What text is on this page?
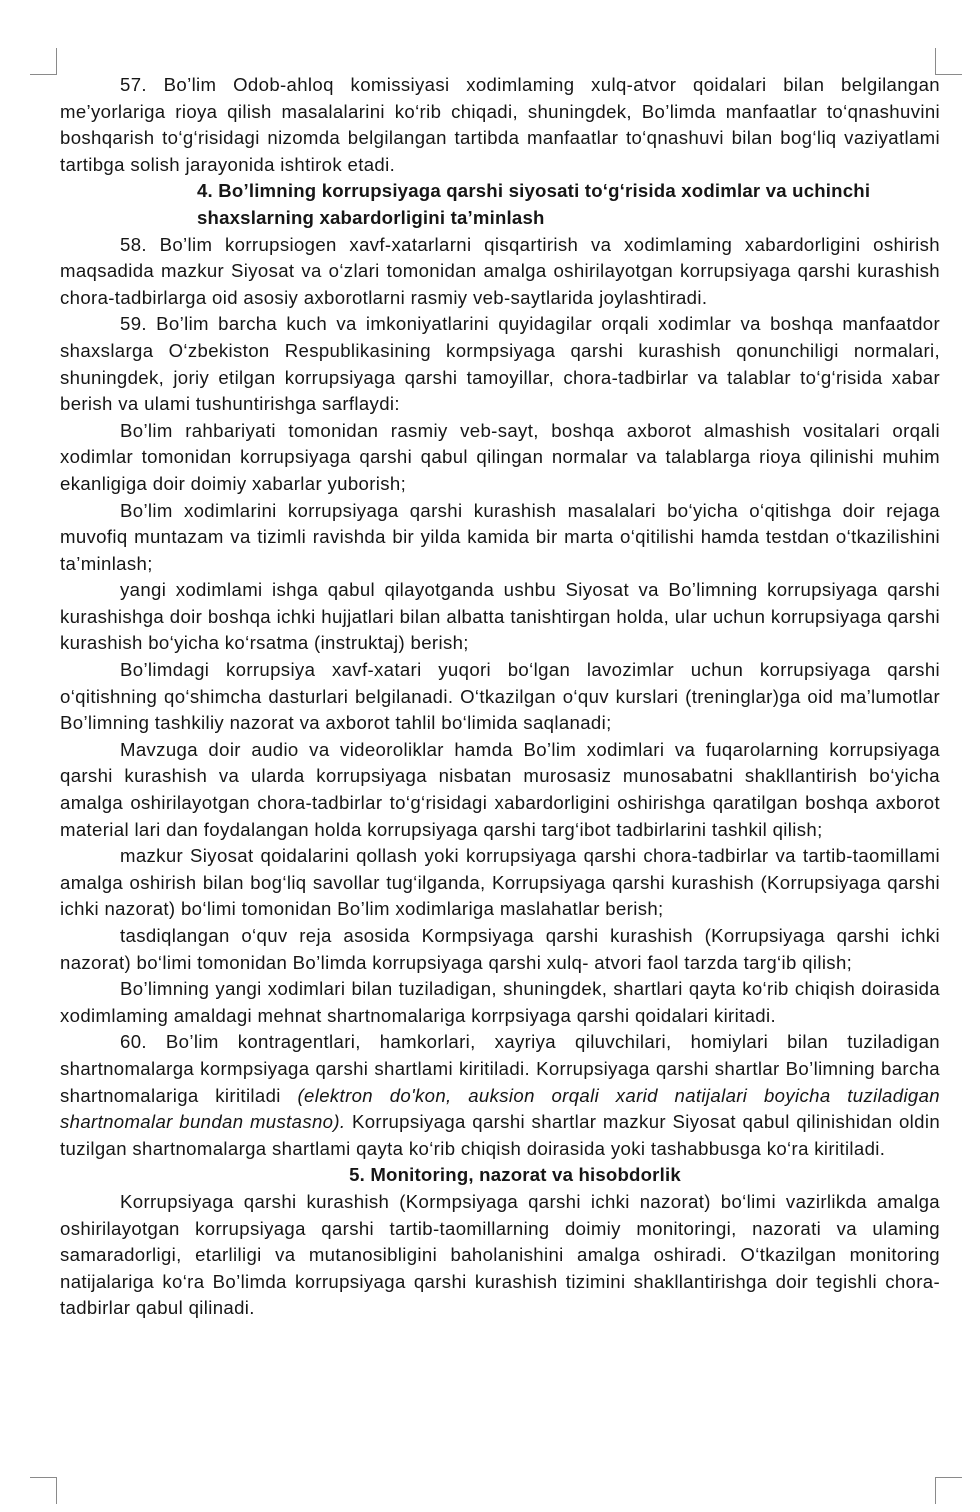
57. Bo’lim Odob-ahloq komissiyasi xodimlaming xulq-atvor qoidalari bilan belgilangan me’yorlariga rioya qilish masalalarini ko‘rib chiqadi, shuningdek, Bo’limda manfaatlar to‘qnashuvini boshqarish to‘g‘risidagi nizomda belgilangan tartibda manfaatlar to‘qnashuvi bilan bog‘liq vaziyatlami tartibga solish jarayonida ishtirok etadi.

4. Bo’limning korrupsiyaga qarshi siyosati to‘g‘risida xodimlar va uchinchi shaxslarning xabardorligini ta’minlash

58. Bo’lim korrupsiogen xavf-xatarlarni qisqartirish va xodimlaming xabardorligini oshirish maqsadida mazkur Siyosat va o‘zlari tomonidan amalga oshirilayotgan korrupsiyaga qarshi kurashish chora-tadbirlarga oid asosiy axborotlarni rasmiy veb-saytlarida joylashtiradi.

59. Bo’lim barcha kuch va imkoniyatlarini quyidagilar orqali xodimlar va boshqa manfaatdor shaxslarga O‘zbekiston Respublikasining kormpsiyaga qarshi kurashish qonunchiligi normalari, shuningdek, joriy etilgan korrupsiyaga qarshi tamoyillar, chora-tadbirlar va talablar to‘g‘risida xabar berish va ulami tushuntirishga sarflaydi:

Bo’lim rahbariyati tomonidan rasmiy veb-sayt, boshqa axborot almashish vositalari orqali xodimlar tomonidan korrupsiyaga qarshi qabul qilingan normalar va talablarga rioya qilinishi muhim ekanligiga doir doimiy xabarlar yuborish;

Bo’lim xodimlarini korrupsiyaga qarshi kurashish masalalari bo‘yicha o‘qitishga doir rejaga muvofiq muntazam va tizimli ravishda bir yilda kamida bir marta o‘qitilishi hamda testdan o‘tkazilishini ta’minlash;

yangi xodimlami ishga qabul qilayotganda ushbu Siyosat va Bo’limning korrupsiyaga qarshi kurashishga doir boshqa ichki hujjatlari bilan albatta tanishtirgan holda, ular uchun korrupsiyaga qarshi kurashish bo‘yicha ko‘rsatma (instruktaj) berish;

Bo’limdagi korrupsiya xavf-xatari yuqori bo‘lgan lavozimlar uchun korrupsiyaga qarshi o‘qitishning qo‘shimcha dasturlari belgilanadi. O‘tkazilgan o‘quv kurslari (treninglar)ga oid ma’lumotlar Bo’limning tashkiliy nazorat va axborot tahlil bo‘limida saqlanadi;

Mavzuga doir audio va videoroliklar hamda Bo’lim xodimlari va fuqarolarning korrupsiyaga qarshi kurashish va ularda korrupsiyaga nisbatan murosasiz munosabatni shakllantirish bo‘yicha amalga oshirilayotgan chora-tadbirlar to‘g‘risidagi xabardorligini oshirishga qaratilgan boshqa axborot material lari dan foydalangan holda korrupsiyaga qarshi targ‘ibot tadbirlarini tashkil qilish;

mazkur Siyosat qoidalarini qollash yoki korrupsiyaga qarshi chora-tadbirlar va tartib-taomillami amalga oshirish bilan bog‘liq savollar tug‘ilganda, Korrupsiyaga qarshi kurashish (Korrupsiyaga qarshi ichki nazorat) bo‘limi tomonidan Bo’lim xodimlariga maslahatlar berish;

tasdiqlangan o‘quv reja asosida Kormpsiyaga qarshi kurashish (Korrupsiyaga qarshi ichki nazorat) bo‘limi tomonidan Bo’limda korrupsiyaga qarshi xulq- atvori faol tarzda targ‘ib qilish;

Bo’limning yangi xodimlari bilan tuziladigan, shuningdek, shartlari qayta ko‘rib chiqish doirasida xodimlaming amaldagi mehnat shartnomalariga korrpsiyaga qarshi qoidalari kiritadi.

60. Bo’lim kontragentlari, hamkorlari, xayriya qiluvchilari, homiylari bilan tuziladigan shartnomalarga kormpsiyaga qarshi shartlami kiritiladi. Korrupsiyaga qarshi shartlar Bo’limning barcha shartnomalariga kiritiladi (elektron do'kon, auksion orqali xarid natijalari boyicha tuziladigan shartnomalar bundan mustasno). Korrupsiyaga qarshi shartlar mazkur Siyosat qabul qilinishidan oldin tuzilgan shartnomalarga shartlami qayta ko‘rib chiqish doirasida yoki tashabbusga ko‘ra kiritiladi.

5. Monitoring, nazorat va hisobdorlik

Korrupsiyaga qarshi kurashish (Kormpsiyaga qarshi ichki nazorat) bo‘limi vazirlikda amalga oshirilayotgan korrupsiyaga qarshi tartib-taomillarning doimiy monitoringi, nazorati va ulaming samaradorligi, etarliligi va mutanosibligini baholanishini amalga oshiradi. O‘tkazilgan monitoring natijalariga ko‘ra Bo’limda korrupsiyaga qarshi kurashish tizimini shakllantirishga doir tegishli chora-tadbirlar qabul qilinadi.
